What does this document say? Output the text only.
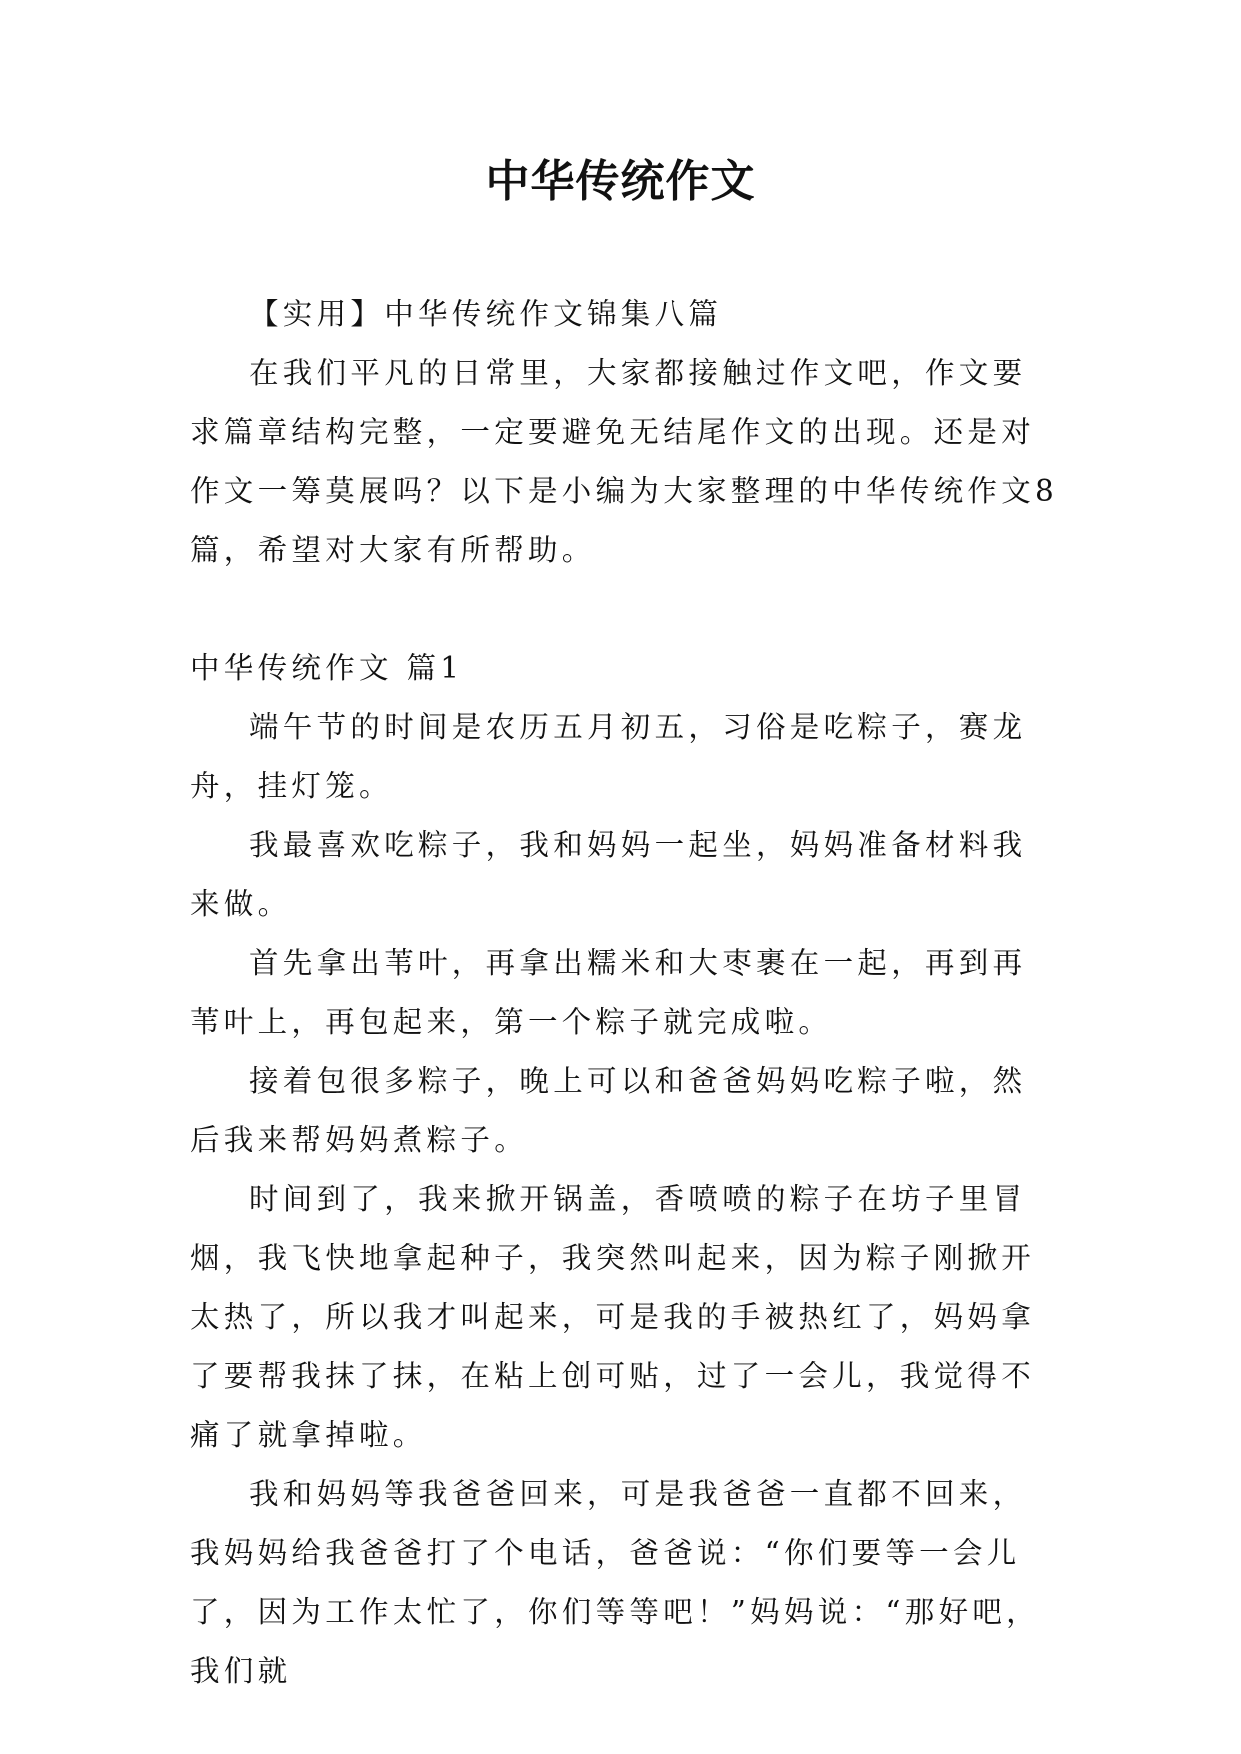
中华传统作文

【实用】中华传统作文锦集八篇

在我们平凡的日常里，大家都接触过作文吧，作文要求篇章结构完整，一定要避免无结尾作文的出现。还是对作文一筹莫展吗？以下是小编为大家整理的中华传统作文8篇，希望对大家有所帮助。

中华传统作文 篇1

端午节的时间是农历五月初五，习俗是吃粽子，赛龙舟，挂灯笼。

我最喜欢吃粽子，我和妈妈一起坐，妈妈准备材料我来做。

首先拿出苇叶，再拿出糯米和大枣裹在一起，再到再苇叶上，再包起来，第一个粽子就完成啦。

接着包很多粽子，晚上可以和爸爸妈妈吃粽子啦，然后我来帮妈妈煮粽子。

时间到了，我来掀开锅盖，香喷喷的粽子在坊子里冒烟，我飞快地拿起种子，我突然叫起来，因为粽子刚掀开太热了，所以我才叫起来，可是我的手被热红了，妈妈拿了要帮我抹了抹，在粘上创可贴，过了一会儿，我觉得不痛了就拿掉啦。

我和妈妈等我爸爸回来，可是我爸爸一直都不回来，我妈妈给我爸爸打了个电话，爸爸说：“你们要等一会儿了，因为工作太忙了，你们等等吧！”妈妈说：“那好吧，我们就
